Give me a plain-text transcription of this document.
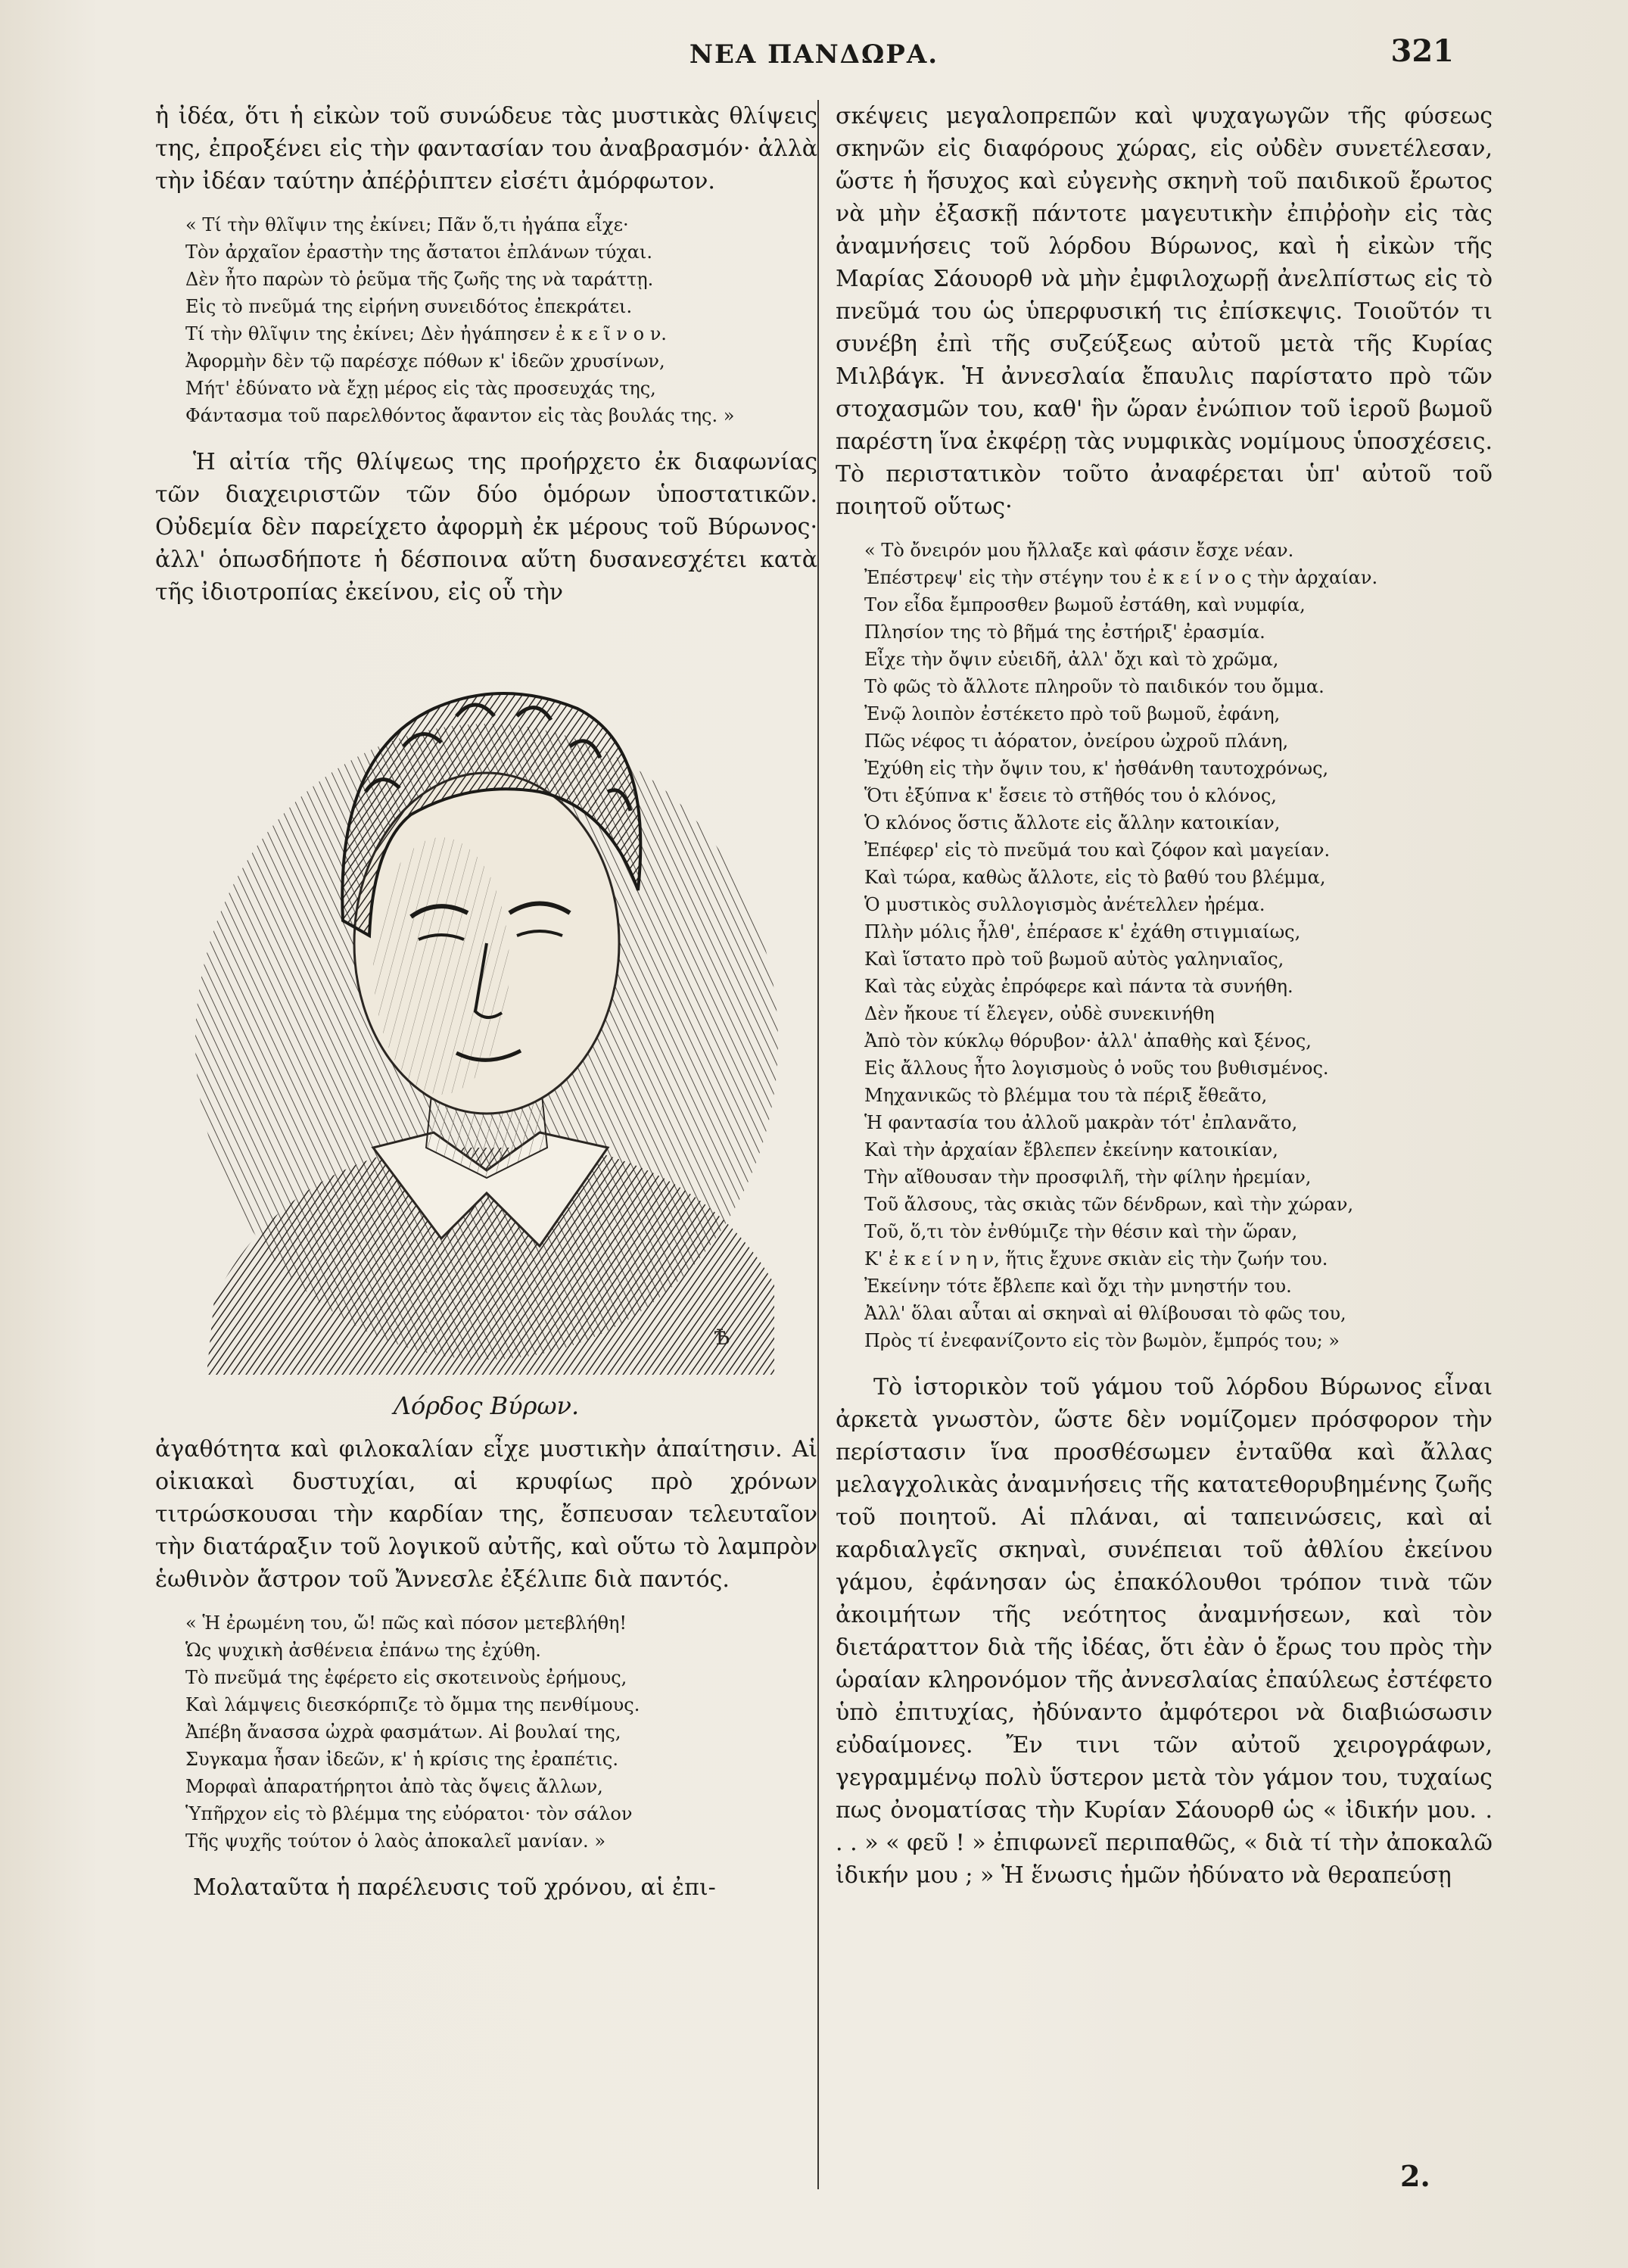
ΝΕΑ ΠΑΝΔΩΡΑ.	321

ἡ ἰδέα, ὅτι ἡ εἰκὼν τοῦ συνώδευε τὰς μυστικὰς θλίψεις της, ἐπροξένει εἰς τὴν φαντασίαν του ἀναβρασμόν· ἀλλὰ τὴν ἰδέαν ταύτην ἀπέῤῥιπτεν εἰσέτι ἀμόρφωτον.

« Τί τὴν θλῖψιν της ἐκίνει; Πᾶν ὅ,τι ἠγάπα εἶχε·
Τὸν ἀρχαῖον ἐραστὴν της ἄστατοι ἐπλάνων τύχαι.
Δὲν ἦτο παρὼν τὸ ῥεῦμα τῆς ζωῆς της νὰ ταράττῃ.
Εἰς τὸ πνεῦμά της εἰρήνη συνειδότος ἐπεκράτει.
Τί τὴν θλῖψιν της ἐκίνει; Δὲν ἠγάπησεν ἐ κ ε ῖ ν ο ν.
Ἀφορμὴν δὲν τῷ παρέσχε πόθων κ' ἰδεῶν χρυσίνων,
Μήτ' ἐδύνατο νὰ ἔχῃ μέρος εἰς τὰς προσευχάς της,
Φάντασμα τοῦ παρελθόντος ἄφαντον εἰς τὰς βουλάς της. »

Ἡ αἰτία τῆς θλίψεως της προήρχετο ἐκ διαφωνίας τῶν διαχειριστῶν τῶν δύο ὁμόρων ὑποστατικῶν. Οὐδεμία δὲν παρείχετο ἀφορμὴ ἐκ μέρους τοῦ Βύρωνος· ἀλλ' ὁπωσδήποτε ἡ δέσποινα αὕτη δυσανεσχέτει κατὰ τῆς ἰδιοτροπίας ἐκείνου, εἰς οὗ τὴν

Ѣ
Λόρδος Βύρων.

ἀγαθότητα καὶ φιλοκαλίαν εἶχε μυστικὴν ἀπαίτησιν. Αἱ οἰκιακαὶ δυστυχίαι, αἱ κρυφίως πρὸ χρόνων τιτρώσκουσαι τὴν καρδίαν της, ἔσπευσαν τελευταῖον τὴν διατάραξιν τοῦ λογικοῦ αὐτῆς, καὶ οὕτω τὸ λαμπρὸν ἑωθινὸν ἄστρον τοῦ Ἄννεσλε ἐξέλιπε διὰ παντός.

« Ἡ ἐρωμένη του, ὤ! πῶς καὶ πόσον μετεβλήθη!
Ὡς ψυχικὴ ἀσθένεια ἐπάνω της ἐχύθη.
Τὸ πνεῦμά της ἐφέρετο εἰς σκοτεινοὺς ἐρήμους,
Καὶ λάμψεις διεσκόρπιζε τὸ ὄμμα της πενθίμους.
Ἀπέβη ἄνασσα ὠχρὰ φασμάτων. Αἱ βουλαί της,
Συγκαμα ἦσαν ἰδεῶν, κ' ἡ κρίσις της ἐραπέτις.
Μορφαὶ ἀπαρατήρητοι ἀπὸ τὰς ὄψεις ἄλλων,
Ὑπῆρχον εἰς τὸ βλέμμα της εὐόρατοι· τὸν σάλον
Τῆς ψυχῆς τούτον ὁ λαὸς ἀποκαλεῖ μανίαν. »

Μολαταῦτα ἡ παρέλευσις τοῦ χρόνου, αἱ ἐπι-

σκέψεις μεγαλοπρεπῶν καὶ ψυχαγωγῶν τῆς φύσεως σκηνῶν εἰς διαφόρους χώρας, εἰς οὐδὲν συνετέλεσαν, ὥστε ἡ ἥσυχος καὶ εὐγενὴς σκηνὴ τοῦ παιδικοῦ ἔρωτος νὰ μὴν ἐξασκῇ πάντοτε μαγευτικὴν ἐπιῤῥοὴν εἰς τὰς ἀναμνήσεις τοῦ λόρδου Βύρωνος, καὶ ἡ εἰκὼν τῆς Μαρίας Σάουορθ νὰ μὴν ἐμφιλοχωρῇ ἀνελπίστως εἰς τὸ πνεῦμά του ὡς ὑπερφυσική τις ἐπίσκεψις. Τοιοῦτόν τι συνέβη ἐπὶ τῆς συζεύξεως αὐτοῦ μετὰ τῆς Κυρίας Μιλβάγκ. Ἡ ἀννεσλαία ἔπαυλις παρίστατο πρὸ τῶν στοχασμῶν του, καθ' ἣν ὥραν ἐνώπιον τοῦ ἱεροῦ βωμοῦ παρέστη ἵνα ἐκφέρῃ τὰς νυμφικὰς νομίμους ὑποσχέσεις. Τὸ περιστατικὸν τοῦτο ἀναφέρεται ὑπ' αὐτοῦ τοῦ ποιητοῦ οὕτως·

« Τὸ ὄνειρόν μου ἤλλαξε καὶ φάσιν ἔσχε νέαν.
Ἐπέστρεψ' εἰς τὴν στέγην του ἐ κ ε ί ν ο ς τὴν ἀρχαίαν.
Τον εἶδα ἔμπροσθεν βωμοῦ ἐστάθη, καὶ νυμφία,
Πλησίον της τὸ βῆμά της ἐστήριξ' ἐρασμία.
Εἶχε τὴν ὄψιν εὐειδῆ, ἀλλ' ὄχι καὶ τὸ χρῶμα,
Τὸ φῶς τὸ ἄλλοτε πληροῦν τὸ παιδικόν του ὄμμα.
Ἐνῷ λοιπὸν ἐστέκετο πρὸ τοῦ βωμοῦ, ἐφάνη,
Πῶς νέφος τι ἀόρατον, ὀνείρου ὠχροῦ πλάνη,
Ἐχύθη εἰς τὴν ὄψιν του, κ' ἠσθάνθη ταυτοχρόνως,
Ὅτι ἐξύπνα κ' ἔσειε τὸ στῆθός του ὁ κλόνος,
Ὁ κλόνος ὅστις ἄλλοτε εἰς ἄλλην κατοικίαν,
Ἐπέφερ' εἰς τὸ πνεῦμά του καὶ ζόφον καὶ μαγείαν.
Καὶ τώρα, καθὼς ἄλλοτε, εἰς τὸ βαθύ του βλέμμα,
Ὁ μυστικὸς συλλογισμὸς ἀνέτελλεν ἠρέμα.
Πλὴν μόλις ἦλθ', ἐπέρασε κ' ἐχάθη στιγμιαίως,
Καὶ ἵστατο πρὸ τοῦ βωμοῦ αὐτὸς γαληνιαῖος,
Καὶ τὰς εὐχὰς ἐπρόφερε καὶ πάντα τὰ συνήθη.
Δὲν ἤκουε τί ἔλεγεν, οὐδὲ συνεκινήθη
Ἀπὸ τὸν κύκλῳ θόρυβον· ἀλλ' ἀπαθὴς καὶ ξένος,
Εἰς ἄλλους ἦτο λογισμοὺς ὁ νοῦς του βυθισμένος.
Μηχανικῶς τὸ βλέμμα του τὰ πέριξ ἔθεᾶτο,
Ἡ φαντασία του ἀλλοῦ μακρὰν τότ' ἐπλανᾶτο,
Καὶ τὴν ἀρχαίαν ἔβλεπεν ἐκείνην κατοικίαν,
Τὴν αἴθουσαν τὴν προσφιλῆ, τὴν φίλην ἠρεμίαν,
Τοῦ ἄλσους, τὰς σκιὰς τῶν δένδρων, καὶ τὴν χώραν,
Τοῦ, ὅ,τι τὸν ἐνθύμιζε τὴν θέσιν καὶ τὴν ὥραν,
Κ' ἐ κ ε ί ν η ν, ἥτις ἔχυνε σκιὰν εἰς τὴν ζωήν του.
Ἐκείνην τότε ἔβλεπε καὶ ὄχι τὴν μνηστήν του.
Ἀλλ' ὅλαι αὗται αἱ σκηναὶ αἱ θλίβουσαι τὸ φῶς του,
Πρὸς τί ἐνεφανίζοντο εἰς τὸν βωμὸν, ἔμπρός του; »

Τὸ ἱστορικὸν τοῦ γάμου τοῦ λόρδου Βύρωνος εἶναι ἀρκετὰ γνωστὸν, ὥστε δὲν νομίζομεν πρόσφορον τὴν περίστασιν ἵνα προσθέσωμεν ἐνταῦθα καὶ ἄλλας μελαγχολικὰς ἀναμνήσεις τῆς κατατεθορυβημένης ζωῆς τοῦ ποιητοῦ. Αἱ πλάναι, αἱ ταπεινώσεις, καὶ αἱ καρδιαλγεῖς σκηναὶ, συνέπειαι τοῦ ἀθλίου ἐκείνου γάμου, ἐφάνησαν ὡς ἐπακόλουθοι τρόπον τινὰ τῶν ἀκοιμήτων τῆς νεότητος ἀναμνήσεων, καὶ τὸν διετάραττον διὰ τῆς ἰδέας, ὅτι ἐὰν ὁ ἔρως του πρὸς τὴν ὡραίαν κληρονόμον τῆς ἀννεσλαίας ἐπαύλεως ἐστέφετο ὑπὸ ἐπιτυχίας, ἠδύναντο ἀμφότεροι νὰ διαβιώσωσιν εὐδαίμονες. Ἔν τινι τῶν αὐτοῦ χειρογράφων, γεγραμμένῳ πολὺ ὕστερον μετὰ τὸν γάμον του, τυχαίως πως ὀνοματίσας τὴν Κυρίαν Σάουορθ ὡς « ἰδικήν μου. . . . » « φεῦ ! » ἐπιφωνεῖ περιπαθῶς, « διὰ τί τὴν ἀποκαλῶ ἰδικήν μου ; » Ἡ ἕνωσις ἡμῶν ἠδύνατο νὰ θεραπεύσῃ

2.
